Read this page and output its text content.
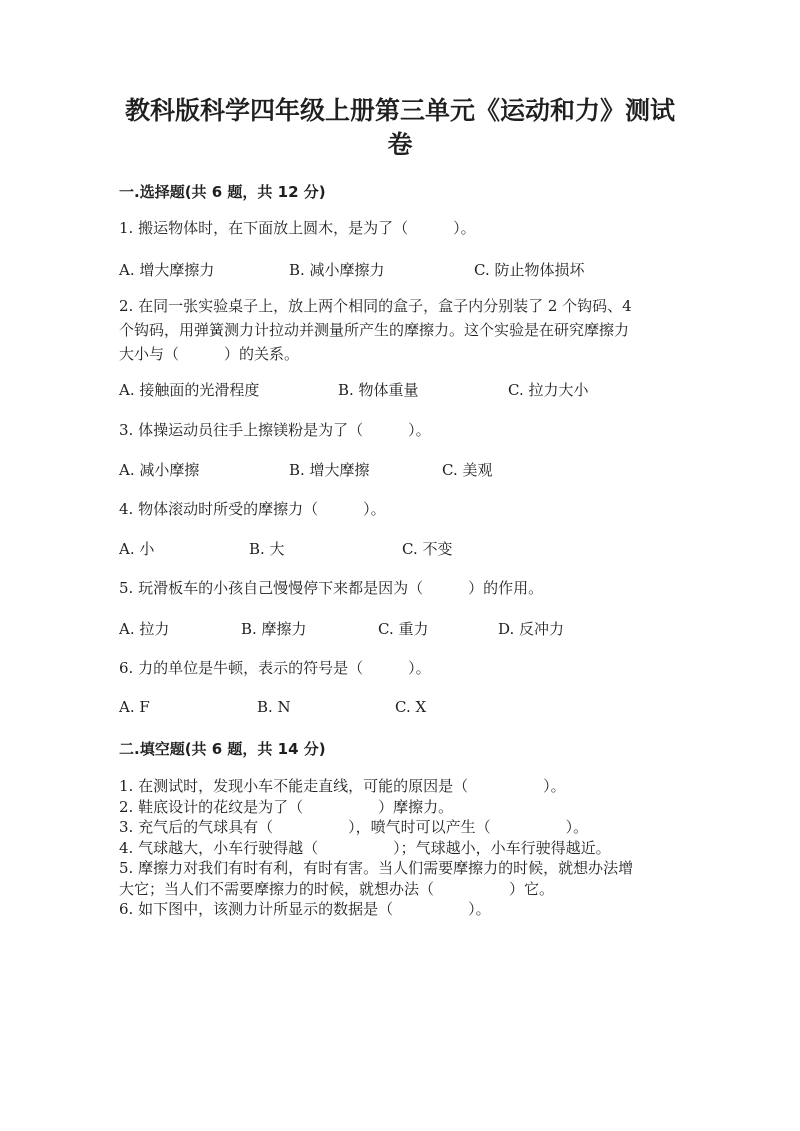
教科版科学四年级上册第三单元《运动和力》测试
卷
一.选择题(共 6 题，共 12 分)
1. 搬运物体时，在下面放上圆木，是为了（　　　）。
A. 增大摩擦力	B. 减小摩擦力	C. 防止物体损坏
2. 在同一张实验桌子上，放上两个相同的盒子，盒子内分别装了 2 个钩码、4
个钩码，用弹簧测力计拉动并测量所产生的摩擦力。这个实验是在研究摩擦力
大小与（　　　）的关系。
A. 接触面的光滑程度	B. 物体重量	C. 拉力大小
3. 体操运动员往手上擦镁粉是为了（　　　）。
A. 减小摩擦	B. 增大摩擦	C. 美观
4. 物体滚动时所受的摩擦力（　　　）。
A. 小	B. 大	C. 不变
5. 玩滑板车的小孩自己慢慢停下来都是因为（　　　）的作用。
A. 拉力	B. 摩擦力	C. 重力	D. 反冲力
6. 力的单位是牛顿，表示的符号是（　　　）。
A. F	B. N	C. X
二.填空题(共 6 题，共 14 分)
1. 在测试时，发现小车不能走直线，可能的原因是（　　　　　）。
2. 鞋底设计的花纹是为了（　　　　　）摩擦力。
3. 充气后的气球具有（　　　　　），喷气时可以产生（　　　　　）。
4. 气球越大，小车行驶得越（　　　　　）；气球越小，小车行驶得越近。
5. 摩擦力对我们有时有利，有时有害。当人们需要摩擦力的时候，就想办法增
大它；当人们不需要摩擦力的时候，就想办法（　　　　　）它。
6. 如下图中，该测力计所显示的数据是（　　　　　）。
